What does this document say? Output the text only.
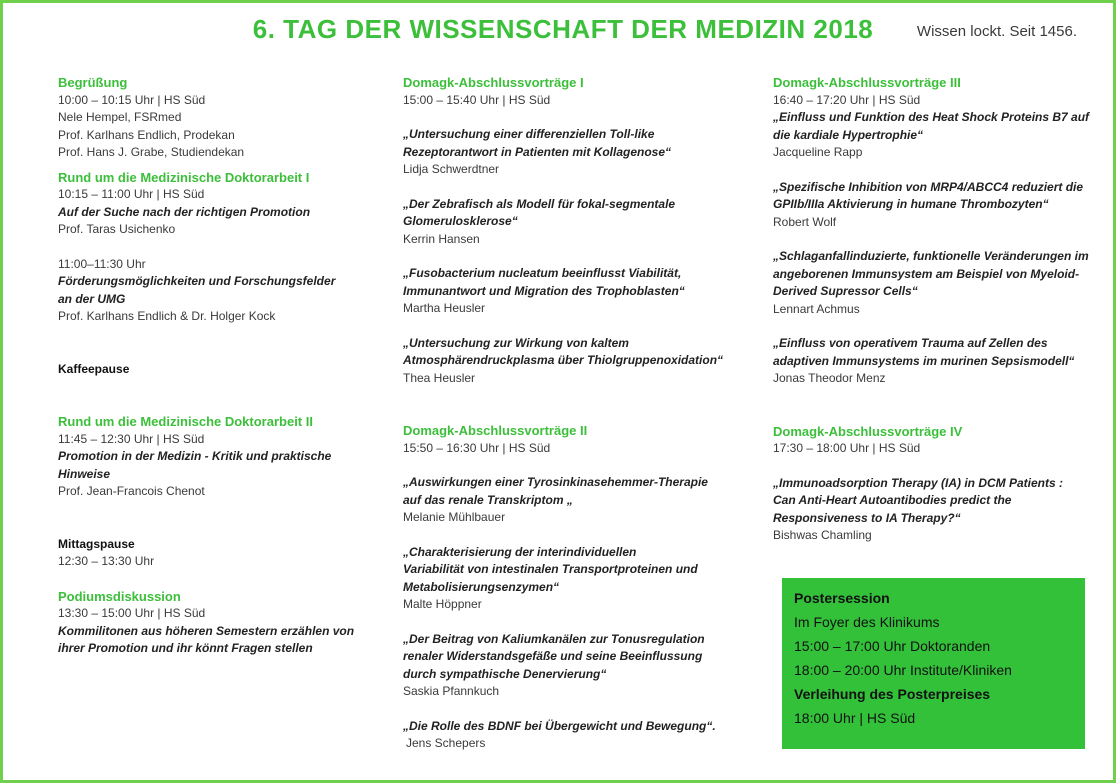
6. TAG DER WISSENSCHAFT DER MEDIZIN 2018	Wissen lockt. Seit 1456.
Begrüßung
10:00 – 10:15 Uhr | HS Süd
Nele Hempel, FSRmed
Prof. Karlhans Endlich, Prodekan
Prof. Hans J. Grabe, Studiendekan
Rund um die Medizinische Doktorarbeit I
10:15 – 11:00 Uhr | HS Süd
Auf der Suche nach der richtigen Promotion
Prof. Taras Usichenko
11:00–11:30 Uhr
Förderungsmöglichkeiten und Forschungsfelder
an der UMG
Prof. Karlhans Endlich & Dr. Holger Kock
Kaffeepause
Rund um die Medizinische Doktorarbeit II
11:45 – 12:30 Uhr | HS Süd
Promotion in der Medizin - Kritik und praktische
Hinweise
Prof. Jean-Francois Chenot
Mittagspause
12:30 – 13:30 Uhr
Podiumsdiskussion
13:30 – 15:00 Uhr | HS Süd
Kommilitonen aus höheren Semestern erzählen von
ihrer Promotion und ihr könnt Fragen stellen
Domagk-Abschlussvorträge I
15:00 – 15:40 Uhr | HS Süd
„Untersuchung einer differenziellen Toll-like
Rezeptorantwort in Patienten mit Kollagenose“
Lidja Schwerdtner
„Der Zebrafisch als Modell für fokal-segmentale
Glomerulosklerose“
Kerrin Hansen
„Fusobacterium nucleatum beeinflusst Viabilität,
Immunantwort und Migration des Trophoblasten“
Martha Heusler
„Untersuchung zur Wirkung von kaltem
Atmosphärendruckplasma über Thiolgruppenoxidation“
Thea Heusler
Domagk-Abschlussvorträge II
15:50 – 16:30 Uhr | HS Süd
„Auswirkungen einer Tyrosinkinasehemmer-Therapie
auf das renale Transkriptom „
Melanie Mühlbauer
„Charakterisierung der interindividuellen
Variabilität von intestinalen Transportproteinen und
Metabolisierungsenzymen“
Malte Höppner
„Der Beitrag von Kaliumkanälen zur Tonusregulation
renaler Widerstandsgefäße und seine Beeinflussung
durch sympathische Denervierung“
Saskia Pfannkuch
„Die Rolle des BDNF bei Übergewicht und Bewegung“.
Jens Schepers
Domagk-Abschlussvorträge III
16:40 – 17:20 Uhr | HS Süd
„Einfluss und Funktion des Heat Shock Proteins B7 auf
die kardiale Hypertrophie“
Jacqueline Rapp
„Spezifische Inhibition von MRP4/ABCC4 reduziert die
GPIIb/IIIa Aktivierung in humane Thrombozyten“
Robert Wolf
„Schlaganfallinduzierte, funktionelle Veränderungen im
angeborenen Immunsystem am Beispiel von Myeloid-
Derived Supressor Cells“
Lennart Achmus
„Einfluss von operativem Trauma auf Zellen des
adaptiven Immunsystems im murinen Sepsismodell“
Jonas Theodor Menz
Domagk-Abschlussvorträge IV
17:30 – 18:00 Uhr | HS Süd
„Immunoadsorption Therapy (IA) in DCM Patients :
Can Anti-Heart Autoantibodies predict the
Responsiveness to IA Therapy?“
Bishwas Chamling
Postersession
Im Foyer des Klinikums
15:00 – 17:00 Uhr Doktoranden
18:00 – 20:00 Uhr Institute/Kliniken
Verleihung des Posterpreises
18:00 Uhr | HS Süd
